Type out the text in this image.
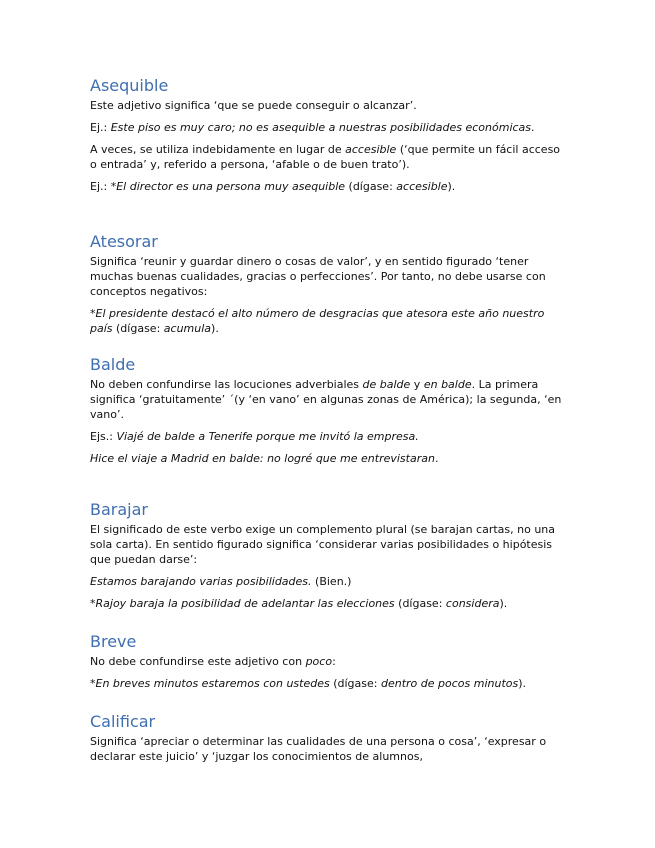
Asequible

Este adjetivo significa ‘que se puede conseguir o alcanzar’.

Ej.: Este piso es muy caro; no es asequible a nuestras posibilidades económicas.

A veces, se utiliza indebidamente en lugar de accesible (‘que permite un fácil acceso o entrada’ y, referido a persona, ‘afable o de buen trato’).

Ej.: *El director es una persona muy asequible (dígase: accesible).

Atesorar

Significa ‘reunir y guardar dinero o cosas de valor’, y en sentido figurado ‘tener muchas buenas cualidades, gracias o perfecciones’. Por tanto, no debe usarse con conceptos negativos:

*El presidente destacó el alto número de desgracias que atesora este año nuestro país (dígase: acumula).

Balde

No deben confundirse las locuciones adverbiales de balde y en balde. La primera significa ‘gratuitamente’ ´(y ‘en vano’ en algunas zonas de América); la segunda, ‘en vano’.

Ejs.: Viajé de balde a Tenerife porque me invitó la empresa.

Hice el viaje a Madrid en balde: no logré que me entrevistaran.

Barajar

El significado de este verbo exige un complemento plural (se barajan cartas, no una sola carta). En sentido figurado significa ‘considerar varias posibilidades o hipótesis que puedan darse’:

Estamos barajando varias posibilidades. (Bien.)

*Rajoy baraja la posibilidad de adelantar las elecciones (dígase: considera).

Breve

No debe confundirse este adjetivo con poco:

*En breves minutos estaremos con ustedes (dígase: dentro de pocos minutos).

Calificar

Significa ‘apreciar o determinar las cualidades de una persona o cosa’, ‘expresar o declarar este juicio’ y ‘juzgar los conocimientos de alumnos,
